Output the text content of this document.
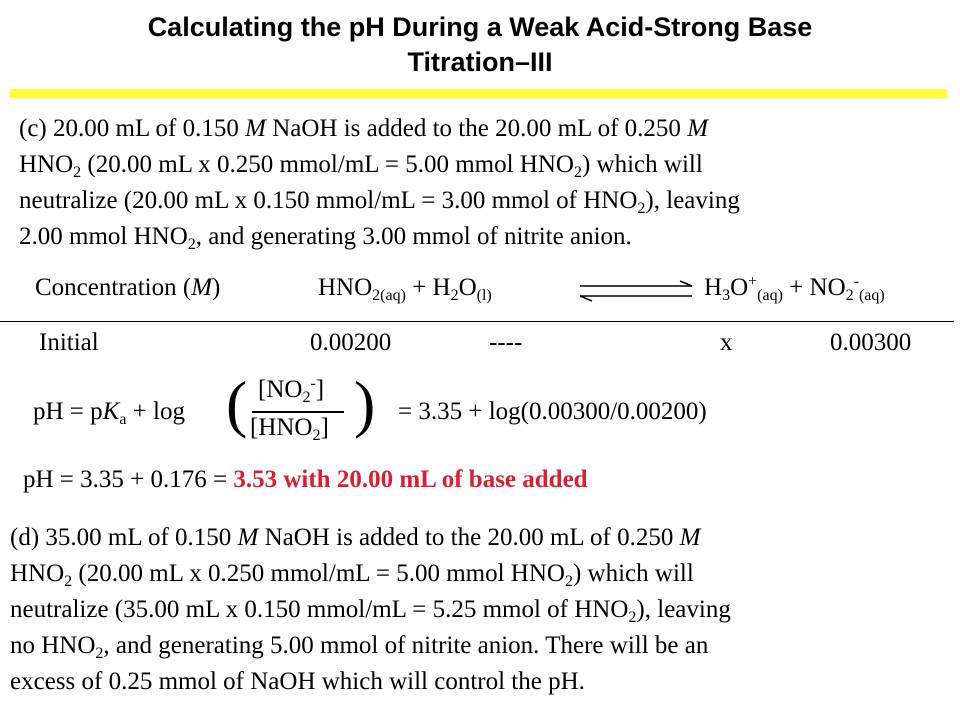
Calculating the pH During a Weak Acid-Strong Base
Titration–III
(c) 20.00 mL of 0.150 M NaOH is added to the 20.00 mL of 0.250 M
$HNO_2$ (20.00 mL x 0.250 mmol/mL = 5.00 mmol $HNO_2$) which will
neutralize (20.00 mL x 0.150 mmol/mL = 3.00 mmol of $HNO_2$), leaving
2.00 mmol $HNO_2$, and generating 3.00 mmol of nitrite anion.
Concentration (M)	$HNO_{2(aq)} + H_2O_{(l)}$	$H_3O^+_{(aq)} + NO_2^-_{(aq)}$
Initial	0.00200	----	x	0.00300
pH = $pK_a + \log$ ( $[NO_2^-]$
$[HNO_2]$ ) = 3.35 + log(0.00300/0.00200)
pH = 3.35 + 0.176 = 3.53 with 20.00 mL of base added
(d) 35.00 mL of 0.150 M NaOH is added to the 20.00 mL of 0.250 M
$HNO_2$ (20.00 mL x 0.250 mmol/mL = 5.00 mmol $HNO_2$) which will
neutralize (35.00 mL x 0.150 mmol/mL = 5.25 mmol of $HNO_2$), leaving
no $HNO_2$, and generating 5.00 mmol of nitrite anion. There will be an
excess of 0.25 mmol of NaOH which will control the pH.
